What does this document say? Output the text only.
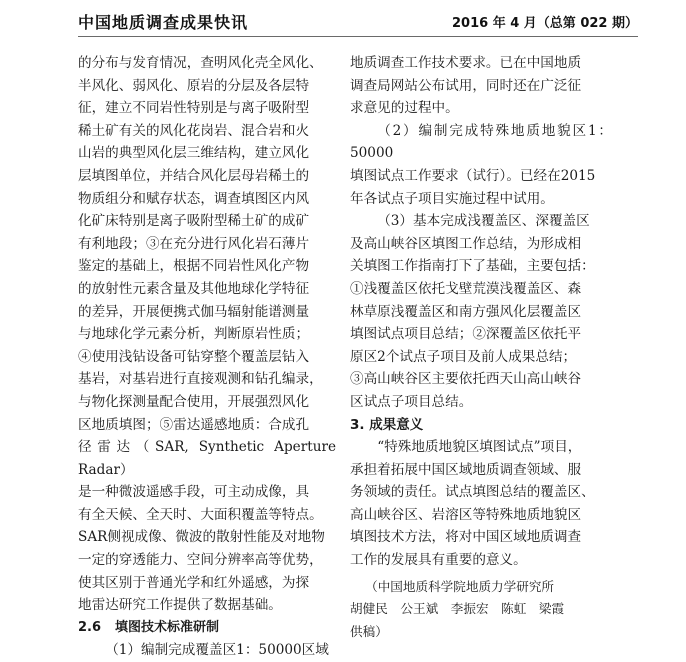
中国地质调查成果快讯	2016 年 4 月（总第 022 期）

的分布与发育情况，查明风化壳全风化、

半风化、弱风化、原岩的分层及各层特

征，建立不同岩性特别是与离子吸附型

稀土矿有关的风化花岗岩、混合岩和火

山岩的典型风化层三维结构，建立风化

层填图单位，并结合风化层母岩稀土的

物质组分和赋存状态，调查填图区内风

化矿床特别是离子吸附型稀土矿的成矿

有利地段；③在充分进行风化岩石薄片

鉴定的基础上，根据不同岩性风化产物

的放射性元素含量及其他地球化学特征

的差异，开展便携式伽马辐射能谱测量

与地球化学元素分析，判断原岩性质；

④使用浅钻设备可钻穿整个覆盖层钻入

基岩，对基岩进行直接观测和钻孔编录，

与物化探测量配合使用，开展强烈风化

区地质填图；⑤雷达遥感地质：合成孔

径雷达（SAR, Synthetic Aperture Radar）

是一种微波遥感手段，可主动成像，具

有全天候、全天时、大面积覆盖等特点。

SAR侧视成像、微波的散射性能及对地物

一定的穿透能力、空间分辨率高等优势，

使其区别于普通光学和红外遥感，为探

地雷达研究工作提供了数据基础。

2.6 填图技术标准研制

（1）编制完成覆盖区1：50000区域

地质调查工作技术要求。已在中国地质

调查局网站公布试用，同时还在广泛征

求意见的过程中。

（2）编制完成特殊地质地貌区1：50000

填图试点工作要求（试行）。已经在2015

年各试点子项目实施过程中试用。

（3）基本完成浅覆盖区、深覆盖区

及高山峡谷区填图工作总结，为形成相

关填图工作指南打下了基础，主要包括：

①浅覆盖区依托戈壁荒漠浅覆盖区、森

林草原浅覆盖区和南方强风化层覆盖区

填图试点项目总结；②深覆盖区依托平

原区2个试点子项目及前人成果总结；

③高山峡谷区主要依托西天山高山峡谷

区试点子项目总结。

3. 成果意义

“特殊地质地貌区填图试点”项目，

承担着拓展中国区域地质调查领域、服

务领域的责任。试点填图总结的覆盖区、

高山峡谷区、岩溶区等特殊地质地貌区

填图技术方法，将对中国区域地质调查

工作的发展具有重要的意义。

（中国地质科学院地质力学研究所
胡健民　公王斌　李振宏　陈虹　梁霞
供稿）
